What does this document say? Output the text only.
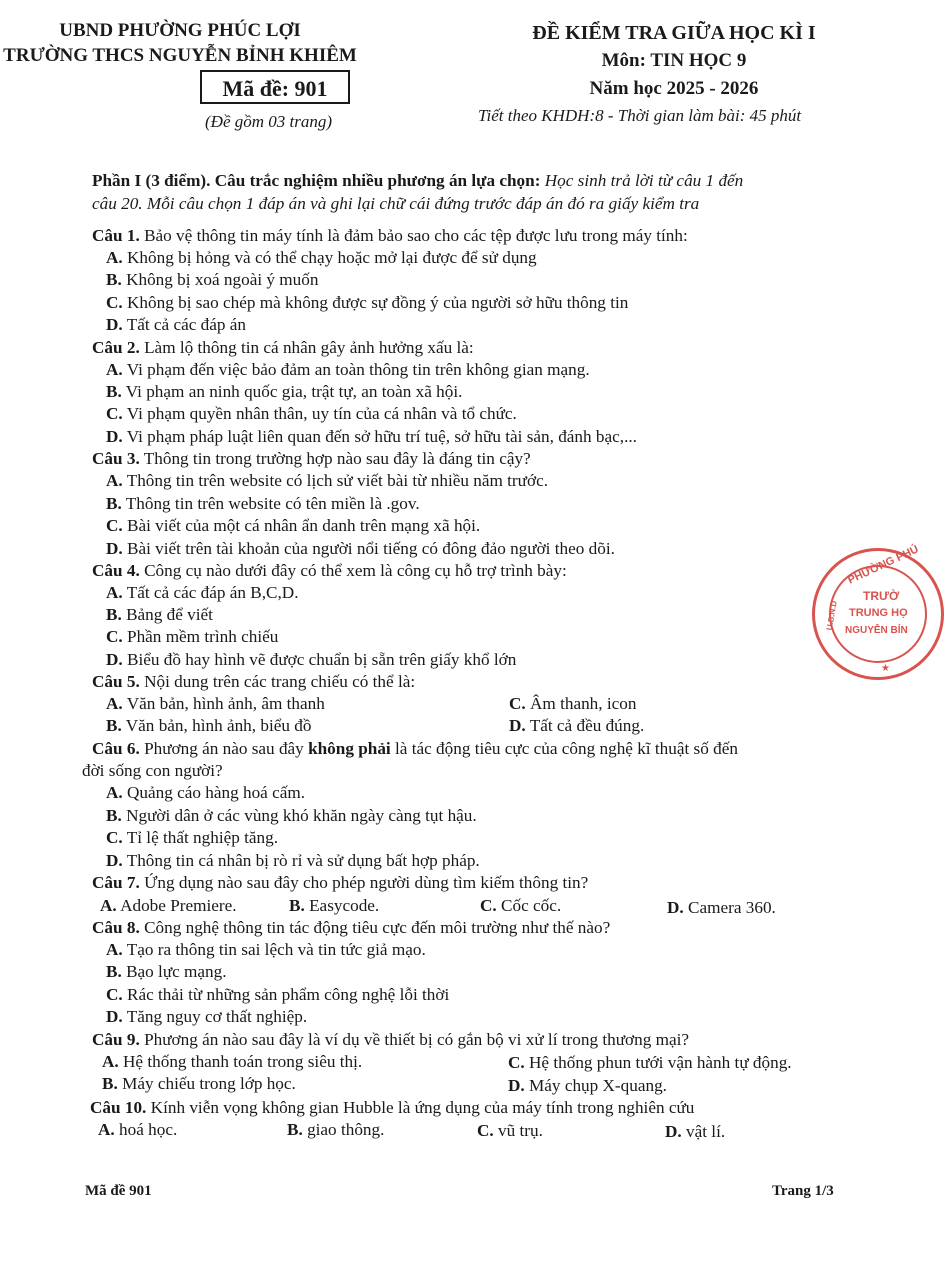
UBND PHƯỜNG PHÚC LỢI
TRƯỜNG THCS NGUYỄN BỈNH KHIÊM
Mã đề: 901
(Đề gồm 03 trang)
ĐỀ KIỂM TRA GIỮA HỌC KÌ I
Môn: TIN HỌC 9
Năm học 2025 - 2026
Tiết theo KHDH:8 - Thời gian làm bài: 45 phút
Phần I (3 điểm). Câu trắc nghiệm nhiều phương án lựa chọn: Học sinh trả lời từ câu 1 đến
câu 20. Mỗi câu chọn 1 đáp án và ghi lại chữ cái đứng trước đáp án đó ra giấy kiểm tra
Câu 1. Bảo vệ thông tin máy tính là đảm bảo sao cho các tệp được lưu trong máy tính:
A. Không bị hỏng và có thể chạy hoặc mở lại được để sử dụng
B. Không bị xoá ngoài ý muốn
C. Không bị sao chép mà không được sự đồng ý của người sở hữu thông tin
D. Tất cả các đáp án
Câu 2. Làm lộ thông tin cá nhân gây ảnh hưởng xấu là:
A. Vi phạm đến việc bảo đảm an toàn thông tin trên không gian mạng.
B. Vi phạm an ninh quốc gia, trật tự, an toàn xã hội.
C. Vi phạm quyền nhân thân, uy tín của cá nhân và tổ chức.
D. Vi phạm pháp luật liên quan đến sở hữu trí tuệ, sở hữu tài sản, đánh bạc,...
Câu 3. Thông tin trong trường hợp nào sau đây là đáng tin cậy?
A. Thông tin trên website có lịch sử viết bài từ nhiều năm trước.
B. Thông tin trên website có tên miền là .gov.
C. Bài viết của một cá nhân ẩn danh trên mạng xã hội.
D. Bài viết trên tài khoản của người nổi tiếng có đông đảo người theo dõi.
Câu 4. Công cụ nào dưới đây có thể xem là công cụ hỗ trợ trình bày:
A. Tất cả các đáp án B,C,D.
B. Bảng để viết
C. Phần mềm trình chiếu
D. Biểu đồ hay hình vẽ được chuẩn bị sẵn trên giấy khổ lớn
Câu 5. Nội dung trên các trang chiếu có thể là:
A. Văn bản, hình ảnh, âm thanh	C. Âm thanh, icon
B. Văn bản, hình ảnh, biểu đồ	D. Tất cả đều đúng.
Câu 6. Phương án nào sau đây không phải là tác động tiêu cực của công nghệ kĩ thuật số đến
đời sống con người?
A. Quảng cáo hàng hoá cấm.
B. Người dân ở các vùng khó khăn ngày càng tụt hậu.
C. Tỉ lệ thất nghiệp tăng.
D. Thông tin cá nhân bị rò rỉ và sử dụng bất hợp pháp.
Câu 7. Ứng dụng nào sau đây cho phép người dùng tìm kiếm thông tin?
A. Adobe Premiere.	B. Easycode.	C. Cốc cốc.	D. Camera 360.
Câu 8. Công nghệ thông tin tác động tiêu cực đến môi trường như thế nào?
A. Tạo ra thông tin sai lệch và tin tức giả mạo.
B. Bạo lực mạng.
C. Rác thải từ những sản phẩm công nghệ lỗi thời
D. Tăng nguy cơ thất nghiệp.
Câu 9. Phương án nào sau đây là ví dụ về thiết bị có gắn bộ vi xử lí trong thương mại?
A. Hệ thống thanh toán trong siêu thị.	C. Hệ thống phun tưới vận hành tự động.
B. Máy chiếu trong lớp học.	D. Máy chụp X-quang.
Câu 10. Kính viễn vọng không gian Hubble là ứng dụng của máy tính trong nghiên cứu
A. hoá học.	B. giao thông.	C. vũ trụ.	D. vật lí.
PHƯỜNG PHÚ
TRƯỜ
TRUNG HỌ
NGUYỄN BỈN
U.B.N.D
★
Mã đề 901	Trang 1/3
